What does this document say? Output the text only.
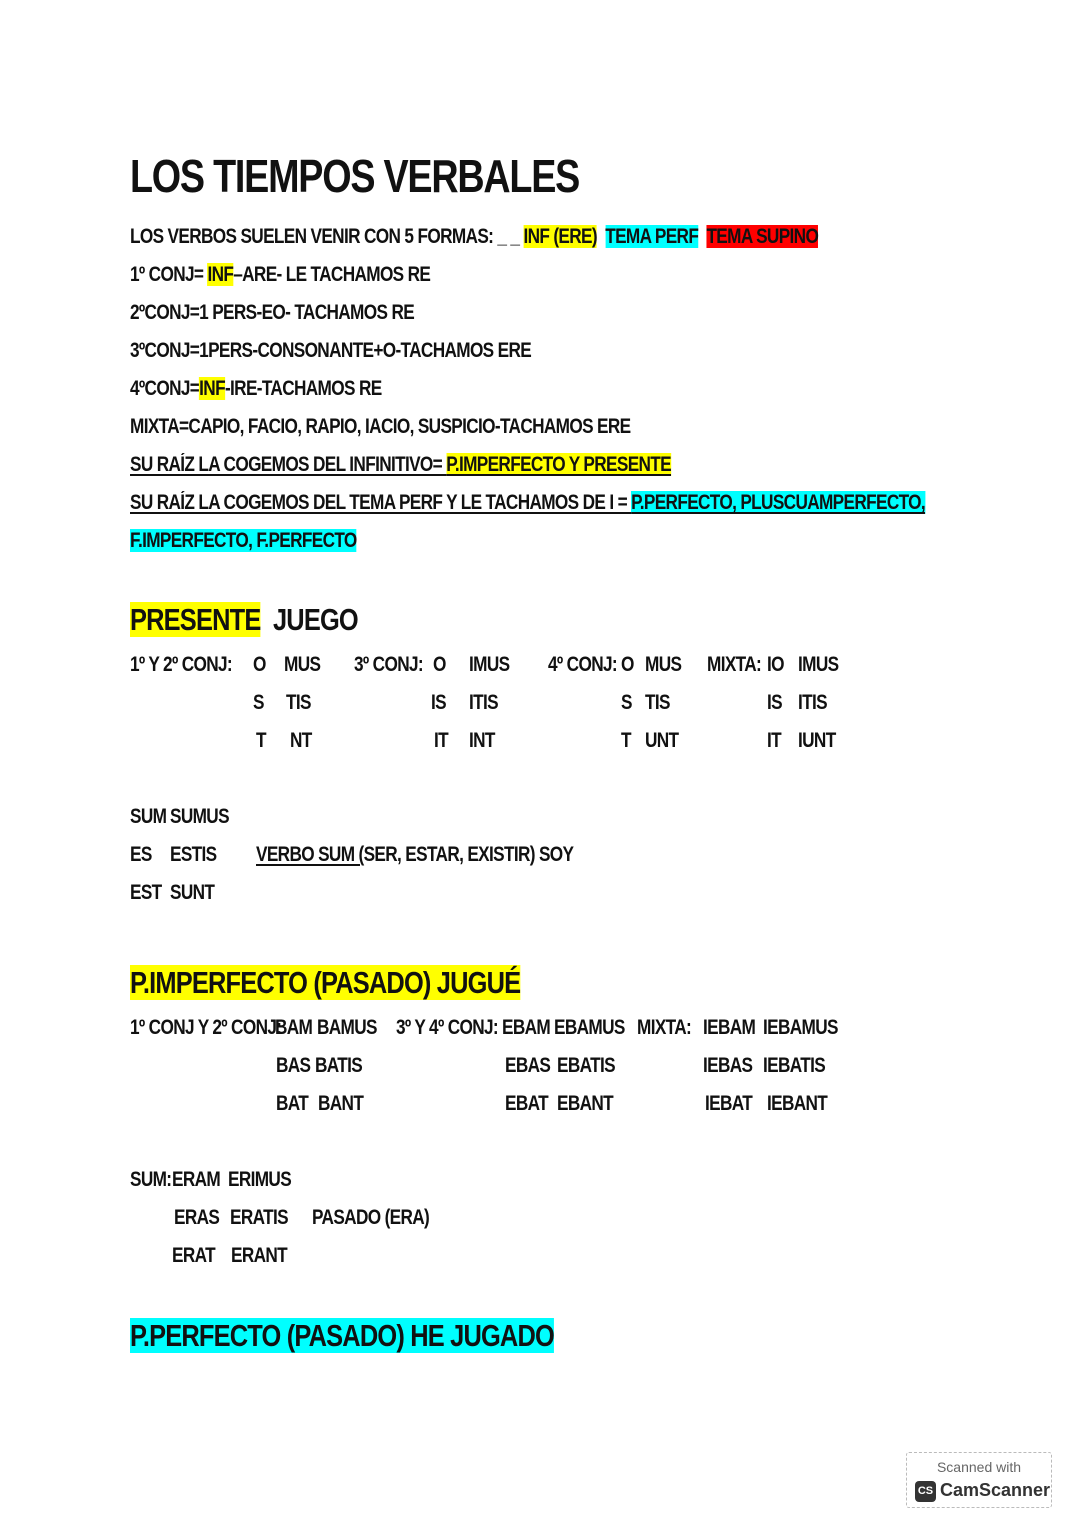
LOS TIEMPOS VERBALES
LOS VERBOS SUELEN VENIR CON 5 FORMAS: _ _ INF (ERE) TEMA PERF TEMA SUPINO
1º CONJ= INF–ARE- LE TACHAMOS RE
2ºCONJ=1 PERS-EO- TACHAMOS RE
3ºCONJ=1PERS-CONSONANTE+O-TACHAMOS ERE
4ºCONJ=INF-IRE-TACHAMOS RE
MIXTA=CAPIO, FACIO, RAPIO, IACIO, SUSPICIO-TACHAMOS ERE
SU RAÍZ LA COGEMOS DEL INFINITIVO= P.IMPERFECTO Y PRESENTE
SU RAÍZ LA COGEMOS DEL TEMA PERF Y LE TACHAMOS DE I = P.PERFECTO, PLUSCUAMPERFECTO,
F.IMPERFECTO, F.PERFECTO
PRESENTE JUEGO
1º Y 2º CONJ: O
S
T
MUS
TIS
NT
3º CONJ: O
IS
IT
IMUS
ITIS
INT
4º CONJ: O
S
T
MUS
TIS
UNT
MIXTA: IO
IS
IT
IMUS
ITIS
IUNT
SUM
ES
EST
SUMUS
ESTIS
SUNT
VERBO SUM (SER, ESTAR, EXISTIR) SOY
P.IMPERFECTO (PASADO) JUGUÉ
1º CONJ Y 2º CONJ:
BAM
BAS
BAT
BAMUS
BATIS
BANT
3º Y 4º CONJ: EBAM
EBAS
EBAT
EBAMUS
EBATIS
EBANT
MIXTA: IEBAM
IEBAS
IEBAT
IEBAMUS
IEBATIS
IEBANT
SUM: ERAM
ERAS
ERAT
ERIMUS
ERATIS
ERANT
PASADO (ERA)
P.PERFECTO (PASADO) HE JUGADO
Scanned with
CS CamScanner
